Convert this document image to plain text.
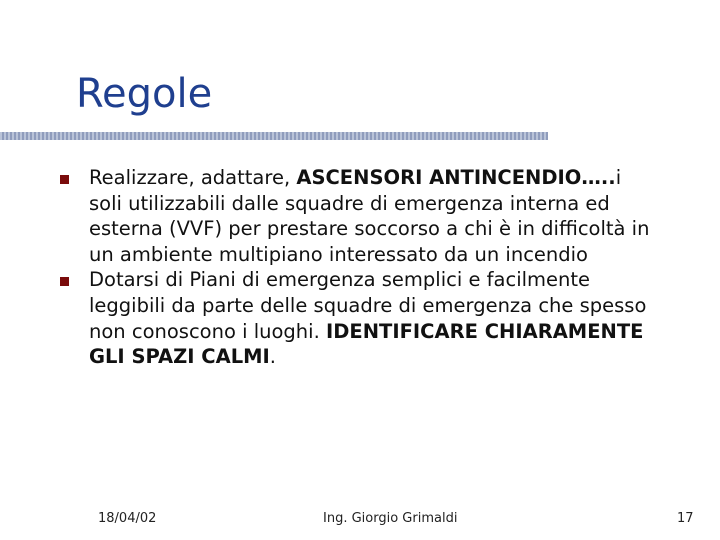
Regole
Realizzare, adattare, ASCENSORI ANTINCENDIO…..i soli utilizzabili dalle squadre di emergenza interna ed esterna (VVF) per prestare soccorso a chi è in difficoltà in un ambiente multipiano interessato da un incendio
Dotarsi di Piani di emergenza semplici e facilmente leggibili da parte delle squadre di emergenza che spesso non conoscono i luoghi. IDENTIFICARE CHIARAMENTE GLI SPAZI CALMI.
18/04/02	Ing. Giorgio Grimaldi	17
